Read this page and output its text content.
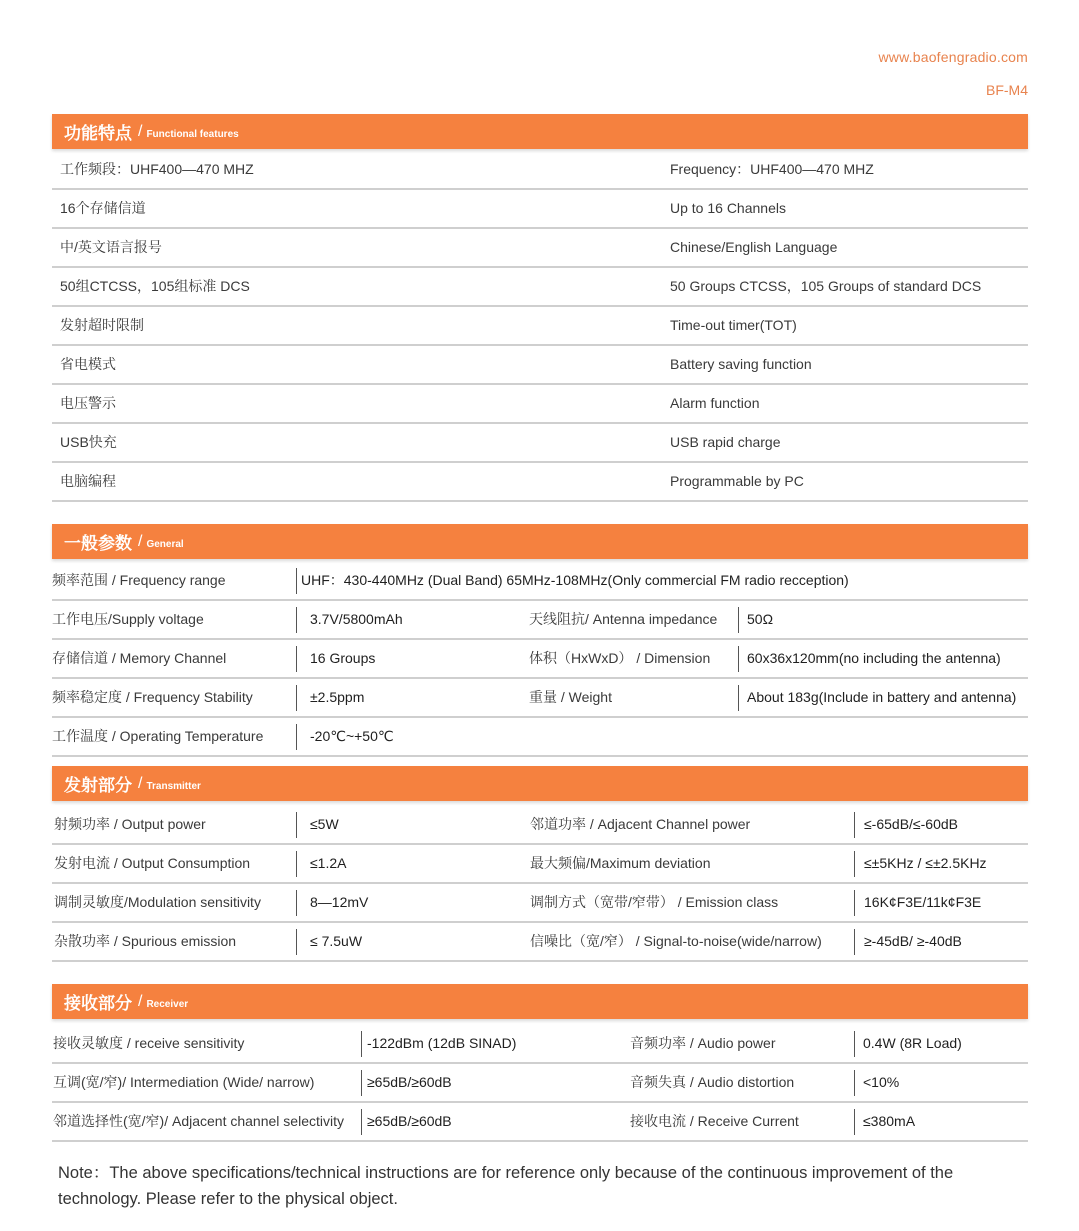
www.baofengradio.com
BF-M4
功能特点 / Functional features
工作频段：UHF400—470 MHZ	Frequency：UHF400—470 MHZ
16个存储信道	Up to 16 Channels
中/英文语言报号	Chinese/English Language
50组CTCSS，105组标准 DCS	50 Groups CTCSS，105 Groups of standard DCS
发射超时限制	Time-out timer(TOT)
省电模式	Battery saving function
电压警示	Alarm function
USB快充	USB rapid charge
电脑编程	Programmable by PC
一般参数 / General
频率范围 / Frequency range	UHF：430-440MHz (Dual Band) 65MHz-108MHz(Only commercial FM radio recception)
工作电压/Supply voltage	3.7V/5800mAh	天线阻抗/ Antenna impedance 50Ω
存储信道 / Memory Channel	16 Groups	体积（HxWxD） / Dimension	60x36x120mm(no including the antenna)
频率稳定度 / Frequency Stability	±2.5ppm	重量 / Weight	About 183g(Include in battery and antenna)
工作温度 / Operating Temperature	-20℃~+50℃
发射部分 / Transmitter
射频功率 / Output power	≤5W	邻道功率 / Adjacent Channel power	≤-65dB/≤-60dB
发射电流 / Output Consumption	≤1.2A	最大频偏/Maximum deviation	≤±5KHz / ≤±2.5KHz
调制灵敏度/Modulation sensitivity	8—12mV	调制方式（宽带/窄带） / Emission class	16K¢F3E/11k¢F3E
杂散功率 / Spurious emission	≤ 7.5uW	信噪比（宽/窄） / Signal-to-noise(wide/narrow)	≥-45dB/ ≥-40dB
接收部分 / Receiver
接收灵敏度 / receive sensitivity	-122dBm (12dB SINAD)	音频功率 / Audio power	0.4W (8R Load)
互调(宽/窄)/ Intermediation (Wide/ narrow)	≥65dB/≥60dB	音频失真 / Audio distortion	<10%
邻道选择性(宽/窄)/ Adjacent channel selectivity ≥65dB/≥60dB	接收电流 / Receive Current	≤380mA
Note：The above specifications/technical instructions are for reference only because of the continuous improvement of the technology. Please refer to the physical object.
